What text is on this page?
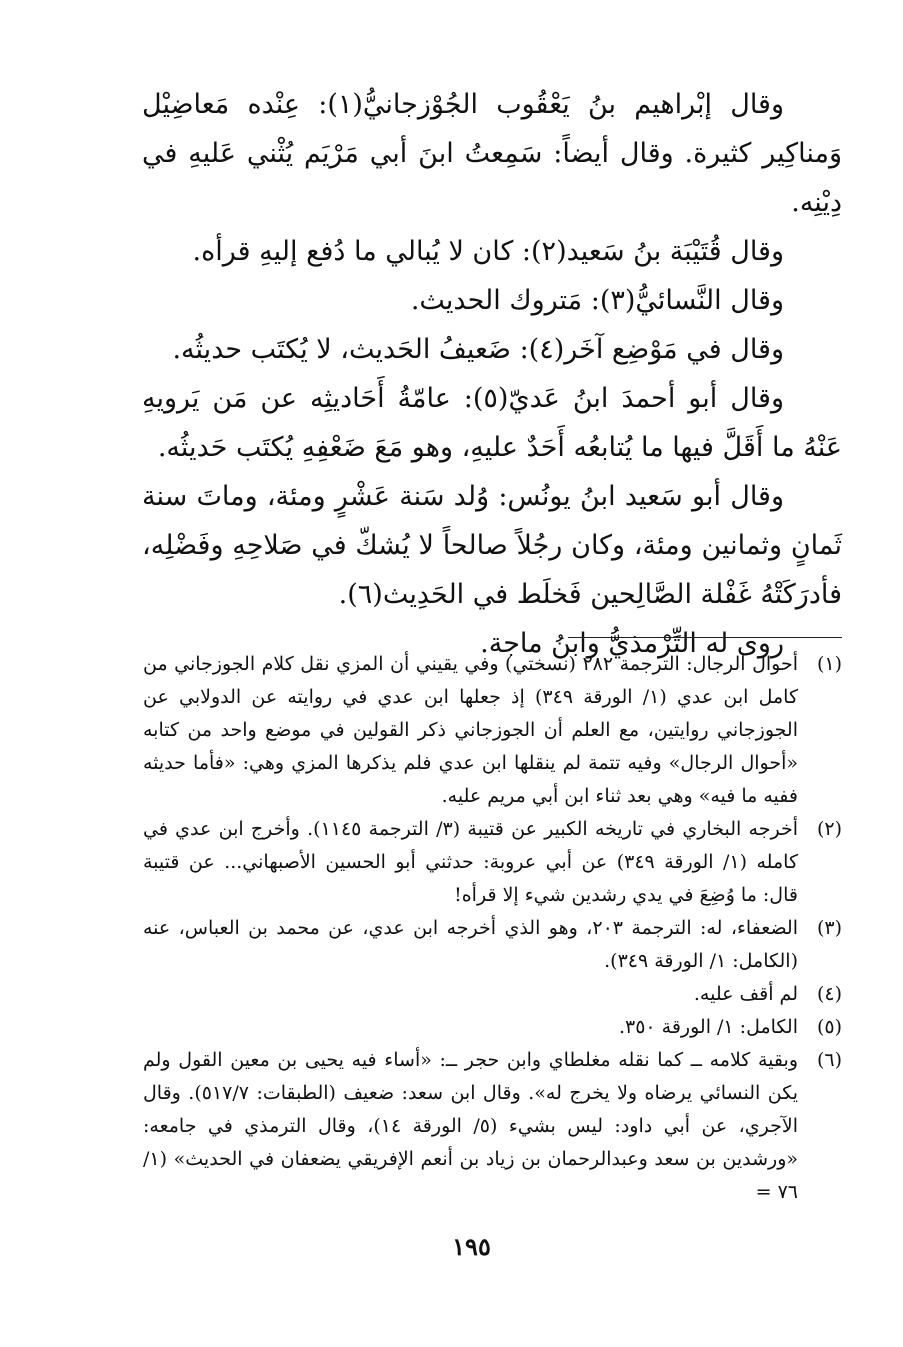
وقال إبْراهيم بنُ يَعْقُوب الجُوْزجانيُّ(١): عِنْده مَعاضِيْل وَمناكِير كثيرة. وقال أيضاً: سَمِعتُ ابنَ أبي مَرْيَم يُثْني عَليهِ في دِيْنِه.

وقال قُتَيْبَة بنُ سَعيد(٢): كان لا يُبالي ما دُفع إليهِ قرأه.

وقال النَّسائيُّ(٣): مَتروك الحديث.

وقال في مَوْضِع آخَر(٤): ضَعيفُ الحَديث، لا يُكتَب حديثُه.

وقال أبو أحمدَ ابنُ عَديّ(٥): عامّةُ أَحَاديثِه عن مَن يَرويهِ عَنْهُ ما أَقَلَّ فيها ما يُتابعُه أَحَدٌ عليهِ، وهو مَعَ ضَعْفِهِ يُكتَب حَديثُه.

وقال أبو سَعيد ابنُ يونُس: وُلد سَنة عَشْرٍ ومئة، وماتَ سنة ثَمانٍ وثمانين ومئة، وكان رجُلاً صالحاً لا يُشكّ في صَلاحِهِ وفَضْلِه، فأدرَكَتْهُ غَفْلة الصَّالِحين فَخلَط في الحَدِيث(٦).

روى له التِّرْمذيُّ وابنُ ماجة.

(١)
أحوال الرجال: الترجمة ٢٨٢ (نسختي) وفي يقيني أن المزي نقل كلام الجوزجاني من كامل ابن عدي (١/ الورقة ٣٤٩) إذ جعلها ابن عدي في روايته عن الدولابي عن الجوزجاني روايتين، مع العلم أن الجوزجاني ذكر القولين في موضع واحد من كتابه «أحوال الرجال» وفيه تتمة لم ينقلها ابن عدي فلم يذكرها المزي وهي: «فأما حديثه ففيه ما فيه» وهي بعد ثناء ابن أبي مريم عليه.
(٢)
أخرجه البخاري في تاريخه الكبير عن قتيبة (٣/ الترجمة ١١٤٥). وأخرج ابن عدي في كامله (١/ الورقة ٣٤٩) عن أبي عروبة: حدثني أبو الحسين الأصبهاني... عن قتيبة قال: ما وُضِعَ في يدي رشدين شيء إلا قرأه!
(٣)
الضعفاء، له: الترجمة ٢٠٣، وهو الذي أخرجه ابن عدي، عن محمد بن العباس، عنه (الكامل: ١/ الورقة ٣٤٩).
(٤)
لم أقف عليه.
(٥)
الكامل: ١/ الورقة ٣٥٠.
(٦)
وبقية كلامه ــ كما نقله مغلطاي وابن حجر ــ: «أساء فيه يحيى بن معين القول ولم يكن النسائي يرضاه ولا يخرج له». وقال ابن سعد: ضعيف (الطبقات: ٥١٧/٧). وقال الآجري، عن أبي داود: ليس بشيء (٥/ الورقة ١٤)، وقال الترمذي في جامعه: «ورشدين بن سعد وعبدالرحمان بن زياد بن أنعم الإفريقي يضعفان في الحديث» (١/ ٧٦ =
١٩٥
